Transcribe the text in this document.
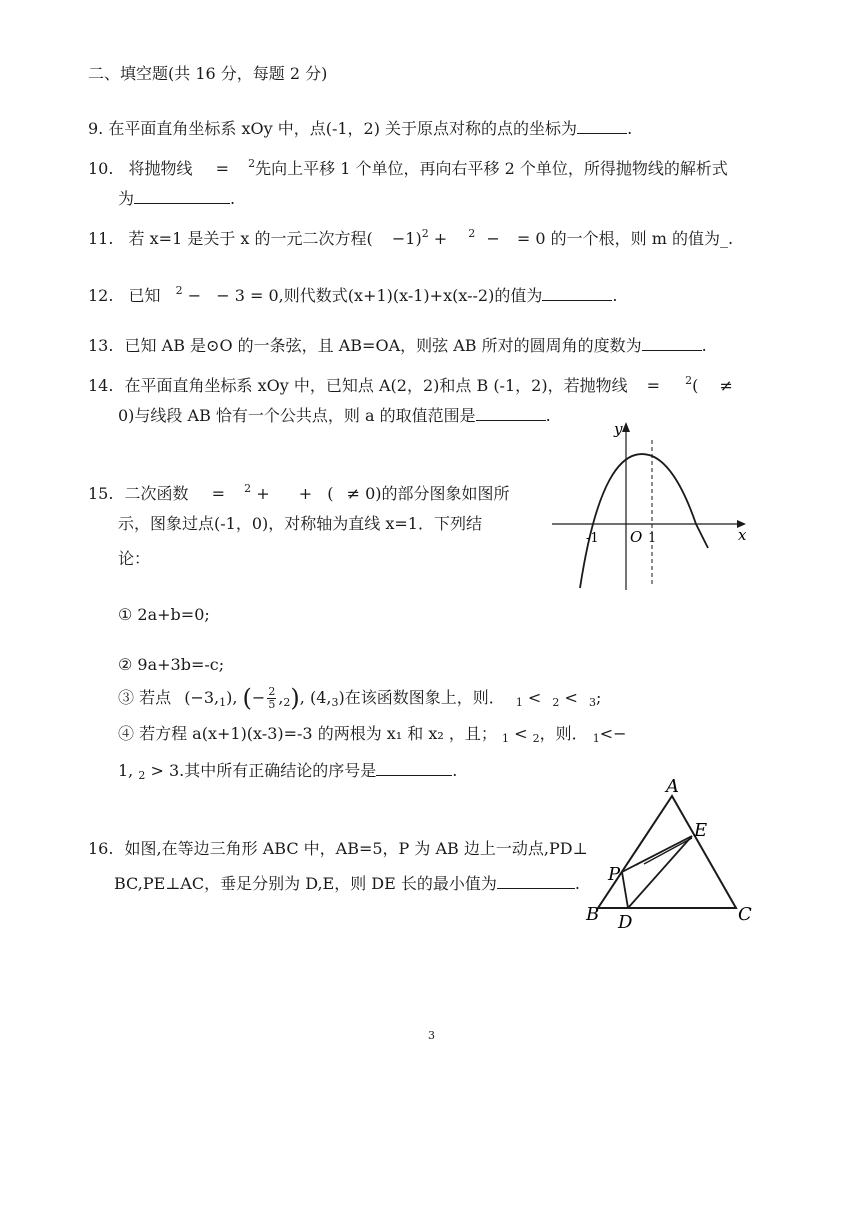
二、填空题(共 16 分，每题 2 分)
9. 在平面直角坐标系 xOy 中，点(-1，2) 关于原点对称的点的坐标为	.
10. 将抛物线 = $^2$先向上平移 1 个单位，再向右平移 2 个单位，所得抛物线的解析式
为	.
11. 若 x=1 是关于 x 的一元二次方程( −1)$^2$ + $^2$ − = 0 的一个根，则 m 的值为_.
12. 已知 $^2$ − − 3 = 0,则代数式(x+1)(x-1)+x(x--2)的值为	.
13. 已知 AB 是⊙O 的一条弦，且 AB=OA，则弦 AB 所对的圆周角的度数为	.
14. 在平面直角坐标系 xOy 中，已知点 A(2，2)和点 B (-1，2)，若抛物线 = $^2$( ≠
0)与线段 AB 恰有一个公共点，则 a 的取值范围是	.
y
x
O
-1	1
15. 二次函数 = $^2$ + + ( ≠ 0)的部分图象如图所
示，图象过点(-1，0)，对称轴为直线 x=1．下列结
论：
① 2a+b=0;
② 9a+3b=-c;
③ 若点 $(-3,_1)$, (− $\frac{2}{5} ,_2$), $(4,_3)$在该函数图象上，则． $_1$ < $_2$ < $_3$;
④ 若方程 a(x+1)(x-3)=-3 的两根为 x₁ 和 x₂ ，且； $_1$ < $_2$，则． $_1$<−
1, $_2$ > 3.其中所有正确结论的序号是	.
A
B	C
D
E
P
16. 如图,在等边三角形 ABC 中，AB=5，P 为 AB 边上一动点,PD⊥
BC,PE⊥AC，垂足分别为 D,E，则 DE 长的最小值为	.
3
